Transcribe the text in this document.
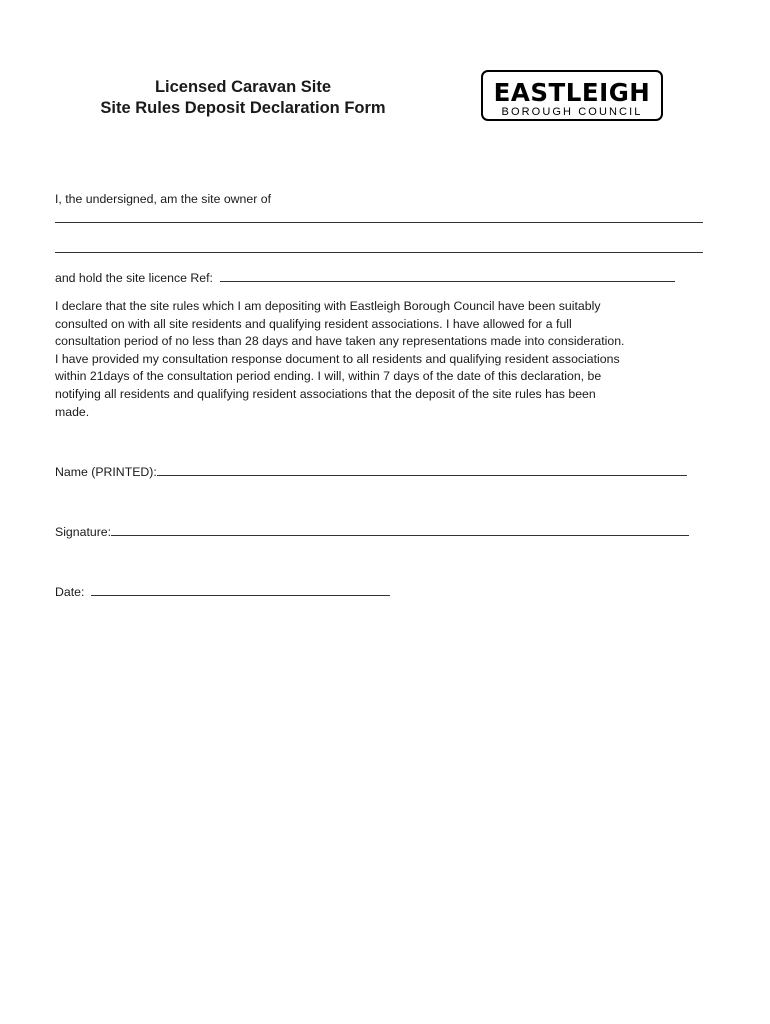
Licensed Caravan Site
Site Rules Deposit Declaration Form
EASTLEIGH
BOROUGH COUNCIL
I, the undersigned, am the site owner of
and hold the site licence Ref:
I declare that the site rules which I am depositing with Eastleigh Borough Council have been suitably
consulted on with all site residents and qualifying resident associations. I have allowed for a full
consultation period of no less than 28 days and have taken any representations made into consideration.
I have provided my consultation response document to all residents and qualifying resident associations
within 21days of the consultation period ending. I will, within 7 days of the date of this declaration, be
notifying all residents and qualifying resident associations that the deposit of the site rules has been
made.
Name (PRINTED):
Signature:
Date:
